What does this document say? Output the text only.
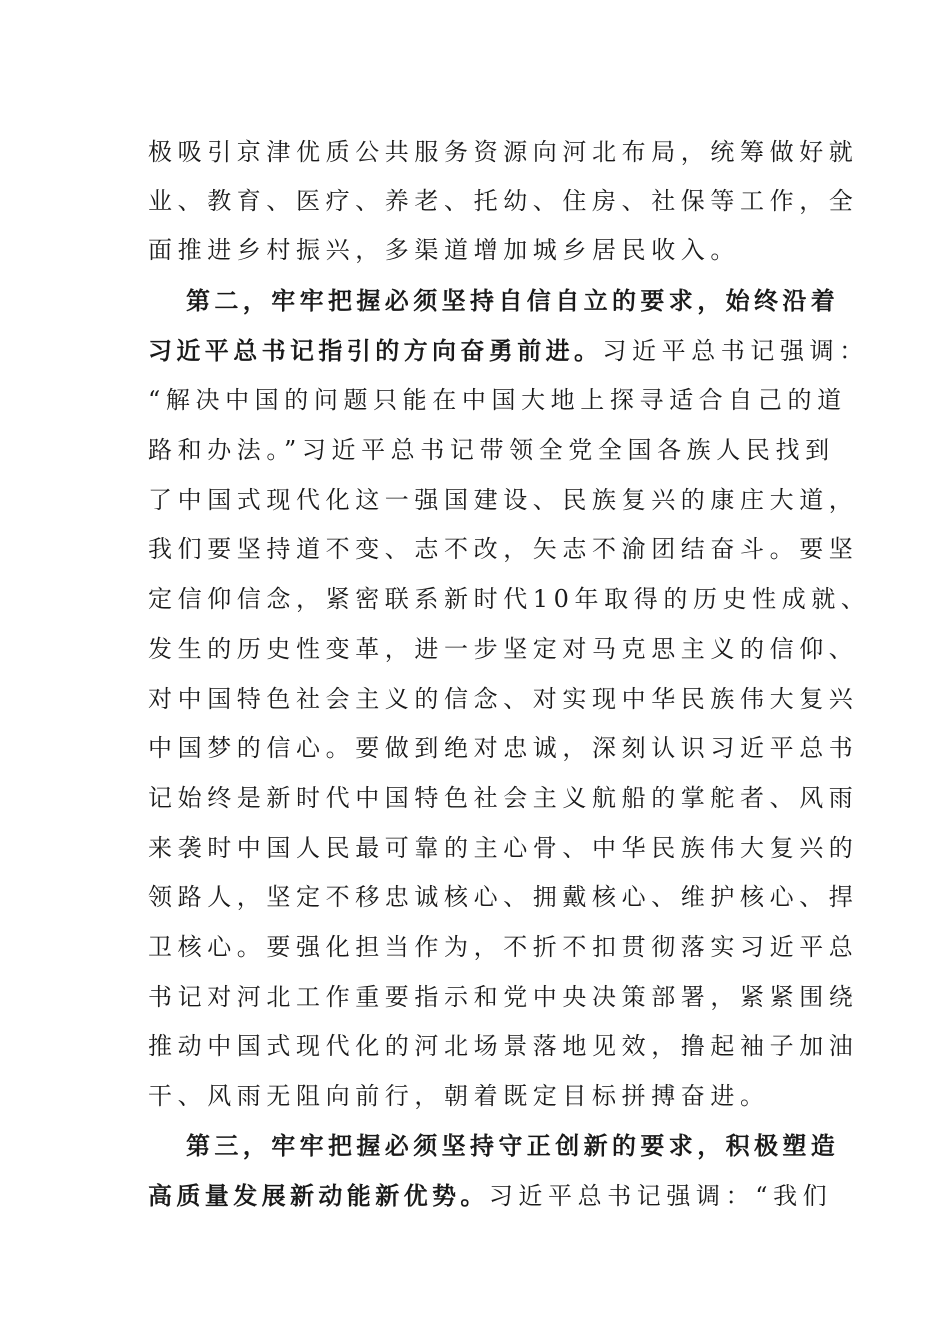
极吸引京津优质公共服务资源向河北布局，统筹做好就
业、教育、医疗、养老、托幼、住房、社保等工作，全
面推进乡村振兴，多渠道增加城乡居民收入。
第二，牢牢把握必须坚持自信自立的要求，始终沿着
习近平总书记指引的方向奋勇前进。习近平总书记强调：
“解决中国的问题只能在中国大地上探寻适合自己的道
路和办法。”习近平总书记带领全党全国各族人民找到
了中国式现代化这一强国建设、民族复兴的康庄大道，
我们要坚持道不变、志不改，矢志不渝团结奋斗。要坚
定信仰信念，紧密联系新时代10年取得的历史性成就、
发生的历史性变革，进一步坚定对马克思主义的信仰、
对中国特色社会主义的信念、对实现中华民族伟大复兴
中国梦的信心。要做到绝对忠诚，深刻认识习近平总书
记始终是新时代中国特色社会主义航船的掌舵者、风雨
来袭时中国人民最可靠的主心骨、中华民族伟大复兴的
领路人，坚定不移忠诚核心、拥戴核心、维护核心、捍
卫核心。要强化担当作为，不折不扣贯彻落实习近平总
书记对河北工作重要指示和党中央决策部署，紧紧围绕
推动中国式现代化的河北场景落地见效，撸起袖子加油
干、风雨无阻向前行，朝着既定目标拼搏奋进。
第三，牢牢把握必须坚持守正创新的要求，积极塑造
高质量发展新动能新优势。习近平总书记强调：“我们
